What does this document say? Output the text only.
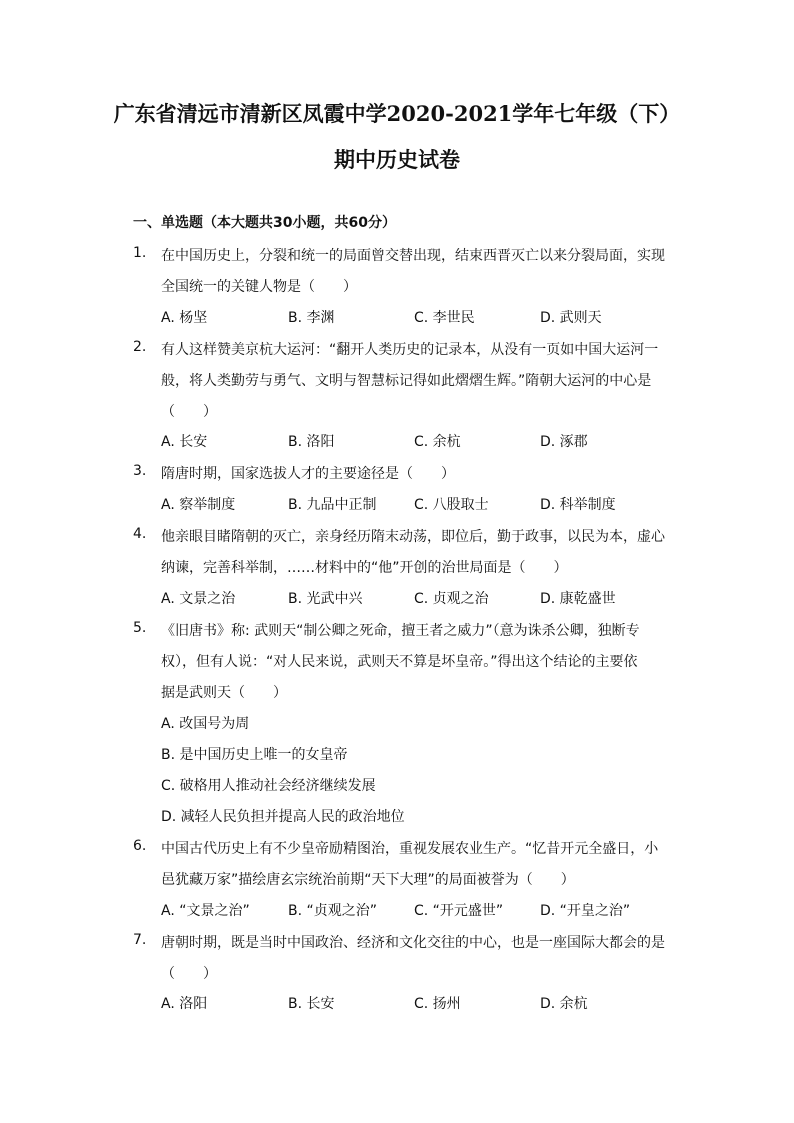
广东省清远市清新区凤霞中学2020-2021学年七年级（下）
期中历史试卷
一、单选题（本大题共30小题，共60分）
1. 在中国历史上，分裂和统一的局面曾交替出现，结束西晋灭亡以来分裂局面，实现
全国统一的关键人物是（　　）
A. 杨坚	B. 李渊	C. 李世民	D. 武则天
2. 有人这样赞美京杭大运河：“翻开人类历史的记录本，从没有一页如中国大运河一
般，将人类勤劳与勇气、文明与智慧标记得如此熠熠生辉。”隋朝大运河的中心是
（　　）
A. 长安	B. 洛阳	C. 余杭	D. 涿郡
3. 隋唐时期，国家选拔人才的主要途径是（　　）
A. 察举制度	B. 九品中正制	C. 八股取士	D. 科举制度
4. 他亲眼目睹隋朝的灭亡，亲身经历隋末动荡，即位后，勤于政事，以民为本，虚心
纳谏，完善科举制，……材料中的“他”开创的治世局面是（　　）
A. 文景之治	B. 光武中兴	C. 贞观之治	D. 康乾盛世
5. 《旧唐书》称: 武则天“制公卿之死命，擅王者之威力”（意为诛杀公卿，独断专
权），但有人说：“对人民来说，武则天不算是坏皇帝。”得出这个结论的主要依
据是武则天（　　）
A. 改国号为周
B. 是中国历史上唯一的女皇帝
C. 破格用人推动社会经济继续发展
D. 减轻人民负担并提高人民的政治地位
6. 中国古代历史上有不少皇帝励精图治，重视发展农业生产。“忆昔开元全盛日，小
邑犹藏万家”描绘唐玄宗统治前期“天下大理”的局面被誉为（　　）
A. “文景之治”	B. “贞观之治”	C. “开元盛世”	D. “开皇之治”
7. 唐朝时期，既是当时中国政治、经济和文化交往的中心，也是一座国际大都会的是
（　　）
A. 洛阳	B. 长安	C. 扬州	D. 余杭
